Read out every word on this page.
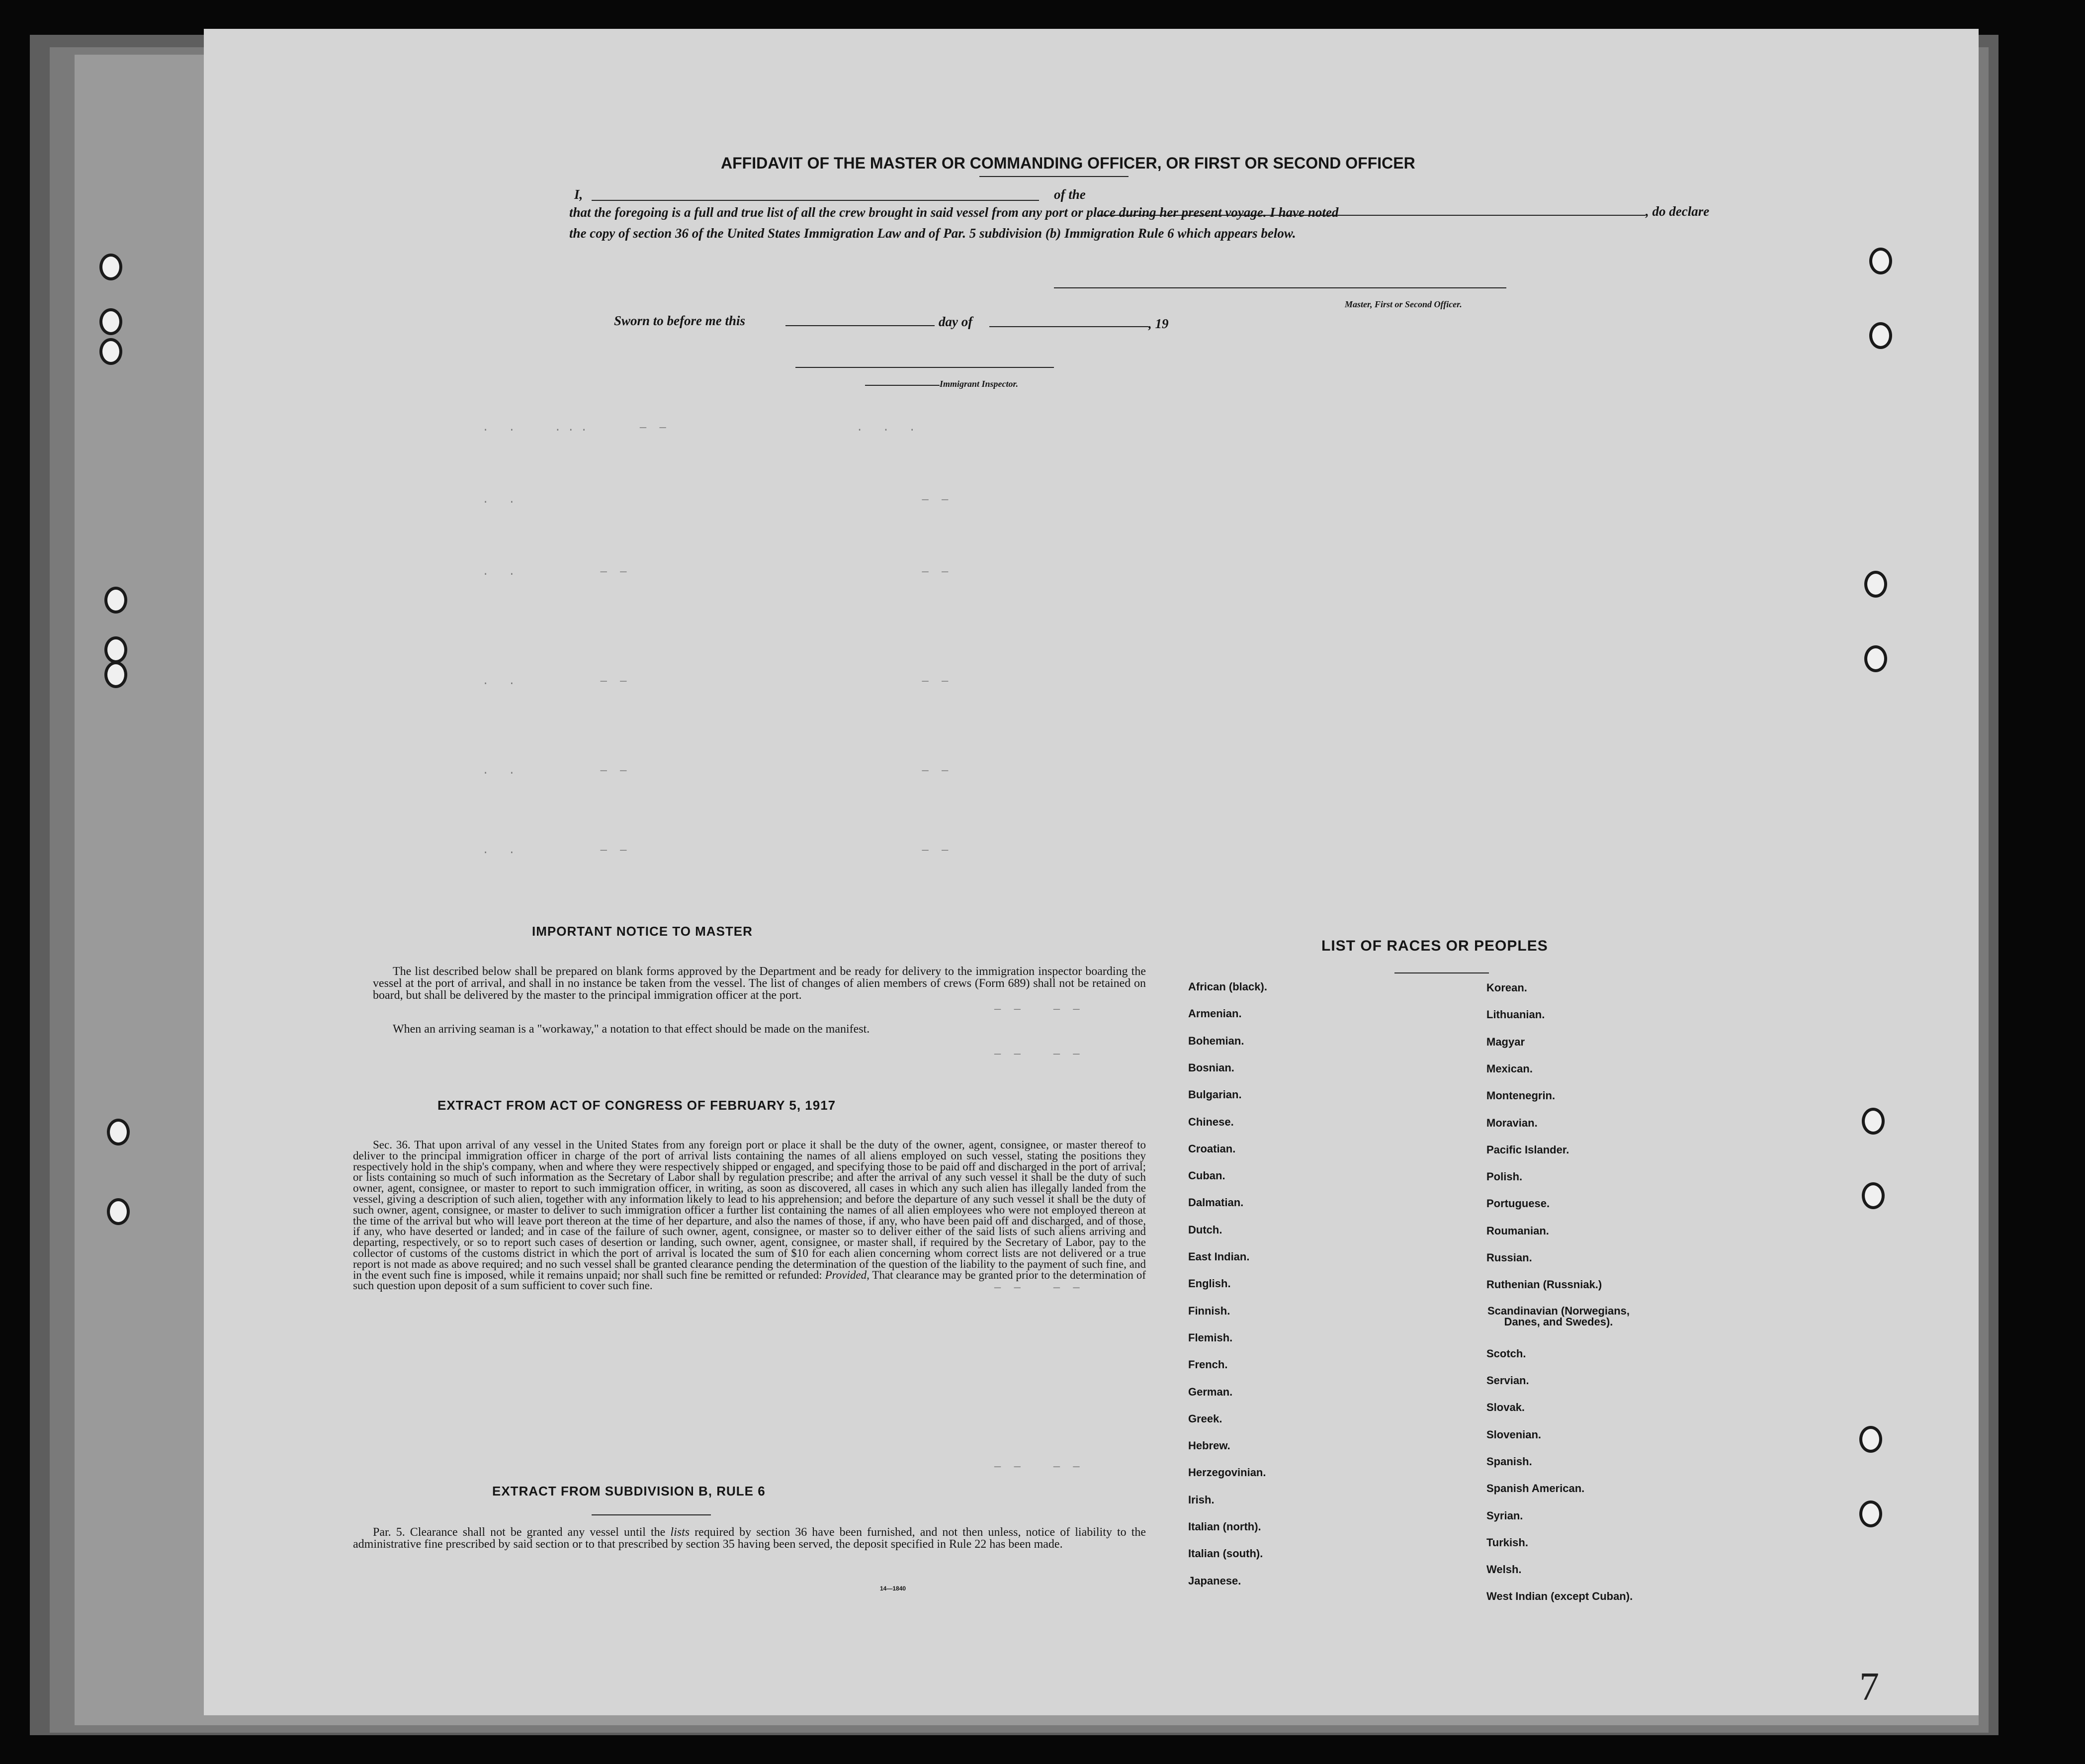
AFFIDAVIT OF THE MASTER OR COMMANDING OFFICER, OR FIRST OR SECOND OFFICER
I,	of the
, do declare
that the foregoing is a full and true list of all the crew brought in said vessel from any port or place during her present voyage. I have noted
the copy of section 36 of the United States Immigration Law and of Par. 5 subdivision (b) Immigration Rule 6 which appears below.
Master, First or Second Officer.
Sworn to before me this	day of	, 19
Immigrant Inspector.
.   .      . . .        —  —                             .   .   .
.   .                                                              —  —
.   .             —  —                                             —  —
.   .             —  —                                             —  —
.   .             —  —                                             —  —
.   .             —  —                                             —  —
—  —     —  —
—  —     —  —
—  —     —  —
—  —     —  —
IMPORTANT NOTICE TO MASTER
The list described below shall be prepared on blank forms approved by the Department and be ready for delivery to the immigration inspector boarding the vessel at the port of arrival, and shall in no instance be taken from the vessel. The list of changes of alien members of crews (Form 689) shall not be retained on board, but shall be delivered by the master to the principal immigration officer at the port.
When an arriving seaman is a "workaway," a notation to that effect should be made on the manifest.
EXTRACT FROM ACT OF CONGRESS OF FEBRUARY 5, 1917
Sec. 36. That upon arrival of any vessel in the United States from any foreign port or place it shall be the duty of the owner, agent, consignee, or master thereof to deliver to the principal immigration officer in charge of the port of arrival lists containing the names of all aliens employed on such vessel, stating the positions they respectively hold in the ship's company, when and where they were respectively shipped or engaged, and specifying those to be paid off and discharged in the port of arrival; or lists containing so much of such information as the Secretary of Labor shall by regulation prescribe; and after the arrival of any such vessel it shall be the duty of such owner, agent, consignee, or master to report to such immigration officer, in writing, as soon as discovered, all cases in which any such alien has illegally landed from the vessel, giving a description of such alien, together with any information likely to lead to his apprehension; and before the departure of any such vessel it shall be the duty of such owner, agent, consignee, or master to deliver to such immigration officer a further list containing the names of all alien employees who were not employed thereon at the time of the arrival but who will leave port thereon at the time of her departure, and also the names of those, if any, who have been paid off and discharged, and of those, if any, who have deserted or landed; and in case of the failure of such owner, agent, consignee, or master so to deliver either of the said lists of such aliens arriving and departing, respectively, or so to report such cases of desertion or landing, such owner, agent, consignee, or master shall, if required by the Secretary of Labor, pay to the collector of customs of the customs district in which the port of arrival is located the sum of $10 for each alien concerning whom correct lists are not delivered or a true report is not made as above required; and no such vessel shall be granted clearance pending the determination of the question of the liability to the payment of such fine, and in the event such fine is imposed, while it remains unpaid; nor shall such fine be remitted or refunded: Provided, That clearance may be granted prior to the determination of such question upon deposit of a sum sufficient to cover such fine.
EXTRACT FROM SUBDIVISION B, RULE 6
Par. 5. Clearance shall not be granted any vessel until the lists required by section 36 have been furnished, and not then unless, notice of liability to the administrative fine prescribed by said section or to that prescribed by section 35 having been served, the deposit specified in Rule 22 has been made.
14—1840
LIST OF RACES OR PEOPLES
African (black).
Armenian.
Bohemian.
Bosnian.
Bulgarian.
Chinese.
Croatian.
Cuban.
Dalmatian.
Dutch.
East Indian.
English.
Finnish.
Flemish.
French.
German.
Greek.
Hebrew.
Herzegovinian.
Irish.
Italian (north).
Italian (south).
Japanese.
Korean.
Lithuanian.
Magyar
Mexican.
Montenegrin.
Moravian.
Pacific Islander.
Polish.
Portuguese.
Roumanian.
Russian.
Ruthenian (Russniak.)
Scandinavian (Norwegians, Danes, and Swedes).
Scotch.
Servian.
Slovak.
Slovenian.
Spanish.
Spanish American.
Syrian.
Turkish.
Welsh.
West Indian (except Cuban).
7
